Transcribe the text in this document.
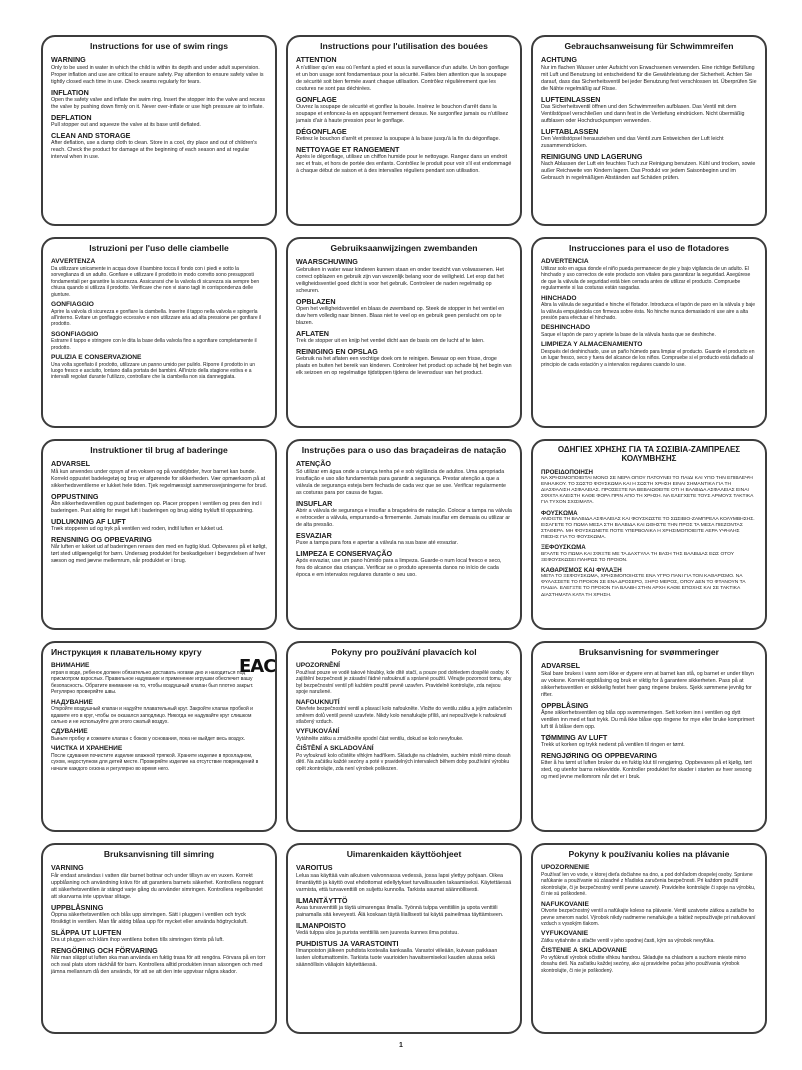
Instructions for use of swim rings
WARNING
Only to be used in water in which the child is within its depth and under adult supervision. Proper inflation and use are critical to ensure safety. Pay attention to ensure safety valve is tightly closed each time in use. Check seams regularly for tears.
INFLATION
Open the safety valve and inflate the swim ring. Insert the stopper into the valve and recess the valve by pushing down firmly on it. Never over-inflate or use high pressure air to inflate.
DEFLATION
Pull stopper out and squeeze the valve at its base until deflated.
CLEAN AND STORAGE
After deflation, use a damp cloth to clean. Store in a cool, dry place and out of children's reach. Check the product for damage at the beginning of each season and at regular interval when in use.
Instructions pour l'utilisation des bouées
ATTENTION
A n'utiliser qu'en eau où l'enfant a pied et sous la surveillance d'un adulte. Un bon gonflage et un bon usage sont fondamentaux pour la sécurité. Faites bien attention que la soupape de sécurité soit bien fermée avant chaque utilisation. Contrôlez régulièrement que les coutures ne sont pas déchirées.
GONFLAGE
Ouvrez la soupape de sécurité et gonflez la bouée. Insérez le bouchon d'arrêt dans la soupape et enfoncez-la en appuyant fermement dessus. Ne surgonflez jamais ou n'utilisez jamais d'air à haute pression pour le gonflage.
DÉGONFLAGE
Retirez le bouchon d'arrêt et pressez la soupape à la base jusqu'à la fin du dégonflage.
NETTOYAGE ET RANGEMENT
Après le dégonflage, utilisez un chiffon humide pour le nettoyage. Rangez dans un endroit sec et frais, et hors de portée des enfants. Contrôlez le produit pour voir s'il est endommagé à chaque début de saison et à des intervalles réguliers pendant son utilisation.
Gebrauchsanweisung für Schwimmreifen
ACHTUNG
Nur im flachen Wasser unter Aufsicht von Erwachsenen verwenden. Eine richtige Befüllung mit Luft und Benutzung ist entscheidend für die Gewährleistung der Sicherheit. Achten Sie darauf, dass das Sicherheitsventil bei jeder Benutzung fest verschlossen ist. Überprüfen Sie die Nähte regelmäßig auf Risse.
LUFTEINLASSEN
Das Sicherheitsventil öffnen und den Schwimmreifen aufblasen. Das Ventil mit dem Ventilstöpsel verschließen und dann fest in die Vertiefung eindrücken. Nicht übermäßig aufblasen oder Hochdruckpumpen verwenden.
LUFTABLASSEN
Den Ventilstöpsel herausziehen und das Ventil zum Entweichen der Luft leicht zusammendrücken.
REINIGUNG UND LAGERUNG
Nach Ablassen der Luft ein feuchtes Tuch zur Reinigung benutzen. Kühl und trocken, sowie außer Reichweite von Kindern lagern. Das Produkt vor jedem Saisonbeginn und im Gebrauch in regelmäßigen Abständen auf Schäden prüfen.
Istruzioni per l'uso delle ciambelle
AVVERTENZA
Da utilizzare unicamente in acqua dove il bambino tocca il fondo con i piedi e sotto la sorveglianza di un adulto. Gonfiare e utilizzare il prodotto in modo corretto sono presupposti fondamentali per garantire la sicurezza. Assicurarsi che la valvola di sicurezza sia sempre ben chiusa quando si utilizza il prodotto. Verificare che non vi siano tagli in corrispondenza delle giunture.
GONFIAGGIO
Aprire la valvola di sicurezza e gonfiare la ciambella. Inserire il tappo nella valvola e spingerla all'interno. Evitare un gonfiaggio eccessivo e non utilizzare aria ad alta pressione per gonfiare il prodotto.
SGONFIAGGIO
Estrarre il tappo e stringere con le dita la base della valvola fino a sgonfiare completamente il prodotto.
PULIZIA E CONSERVAZIONE
Una volta sgonfiato il prodotto, utilizzare un panno umido per pulirlo. Riporre il prodotto in un luogo fresco e asciutto, lontano dalla portata dei bambini. All'inizio della stagione estiva e a intervalli regolari durante l'utilizzo, controllare che la ciambella non sia danneggiata.
Gebruiksaanwijzingen zwembanden
WAARSCHUWING
Gebruiken in water waar kinderen kunnen staan en onder toezicht van volwassenen. Het correct opblazen en gebruik zijn van wezenlijk belang voor de veiligheid. Let erop dat het veiligheidsventiel goed dicht is voor het gebruik. Controleer de naden regelmatig op scheuren.
OPBLAZEN
Open het veiligheidsventiel en blaas de zwemband op. Steek de stopper in het ventiel en duw hem volledig naar binnen. Blaas niet te veel op en gebruik geen perslucht om op te blazen.
AFLATEN
Trek de stopper uit en knijp het ventiel dicht aan de basis om de lucht af te laten.
REINIGING EN OPSLAG
Gebruik na het aflaten een vochtige doek om te reinigen. Bewaar op een frisse, droge plaats en buiten het bereik van kinderen. Controleer het product op schade bij het begin van elk seizoen en op regelmatige tijdstippen tijdens de levensduur van het product.
Instrucciones para el uso de flotadores
ADVERTENCIA
Utilizar solo en agua donde el niño pueda permanecer de pie y bajo vigilancia de un adulto. El hinchado y uso correctos de este producto son vitales para garantizar la seguridad. Asegúrese de que la válvula de seguridad está bien cerrada antes de utilizar el producto. Compruebe regularmente si las costuras están rasgadas.
HINCHADO
Abra la válvula de seguridad e hinche el flotador. Introduzca el tapón de paro en la válvula y baje la válvula empujándola con firmeza sobre ésta. No hinche nunca demasiado ni use aire a alta presión para efectuar el hinchado.
DESHINCHADO
Saque el tapón de paro y apriete la base de la válvula hasta que se deshinche.
LIMPIEZA Y ALMACENAMIENTO
Después del deshinchado, use un paño húmedo para limpiar el producto. Guarde el producto en un lugar fresco, seco y fuera del alcance de los niños. Compruebe si el producto está dañado al principio de cada estación y a intervalos regulares cuando lo use.
Instruktioner til brug af baderinge
ADVARSEL
Må kun anvendes under opsyn af en voksen og på vanddybder, hvor barnet kan bunde. Korrekt oppustet badelegetøj og brug er afgørende for sikkerheden. Vær opmærksom på at sikkerhedsventilerne er lukket hele tiden. Tjek regelmæssigt sammensvejsningerne for brud.
OPPUSTNING
Åbn sikkerhedsventilen og pust baderingen op. Placer proppen i ventilen og pres den ind i baderingen. Pust aldrig for meget luft i baderingen og brug aldrig trykluft til oppustning.
UDLUKNING AF LUFT
Træk stopperen ud og tryk på ventilen ved roden, indtil luften er lukket ud.
RENSNING OG OPBEVARING
Når luften er lukket ud af baderingen renses den med en fugtig klud. Opbevares på et køligt, tørt sted utilgængeligt for børn. Undersøg produktet for beskadigelser i begyndelsen af hver sæson og med jævne mellemrum, når produktet er i brug.
Instruções para o uso das braçadeiras de natação
ATENÇÃO
Só utilizar em água onde a criança tenha pé e sob vigilância de adultos. Uma apropriada insuflação e uso são fundamentais para garantir a segurança. Prestar atenção a que a válvula de segurança esteja bem fechada de cada vez que se use. Verificar regularmente as costuras para por causa de fugas.
INSUFLAR
Abrir a válvula de segurança e insuflar a braçadeira de natação. Colocar a tampa na válvula e retroceder a válvula, empurrando-a firmemente. Jamais insuflar em demasia ou utilizar ar de alta pressão.
ESVAZIAR
Puxe a tampa para fora e apertar a válvula na sua base até esvaziar.
LIMPEZA E CONSERVAÇÃO
Após esvaziar, use um pano húmido para a limpeza. Guarde-o num local fresco e seco, fora do alcance das crianças. Verificar se o produto apresenta danos no início de cada época e em intervalos regulares durante o seu uso.
ΟΔΗΓΙΕΣ ΧΡΗΣΗΣ ΓΙΑ ΤΑ ΣΩΣΙΒΙΑ-ΖΑΜΠΡΕΛΕΣ ΚΟΛΥΜΒΗΣΗΣ
ΠΡΟΕΙΔΟΠΟΙΗΣΗ
ΝΑ ΧΡΗΣΙΜΟΠΟΙΕΙΤΑΙ ΜΟΝΟ ΣΕ ΝΕΡΑ ΟΠΟΥ ΠΑΤΟΥΝΕΙ ΤΟ ΠΑΙΔΙ ΚΑΙ ΥΠΟ ΤΗΝ ΕΠΙΒΛΕΨΗ ΕΝΗΛΙΚΟΥ. ΤΟ ΣΩΣΤΟ ΦΟΥΣΚΩΜΑ ΚΑΙ Η ΣΩΣΤΗ ΧΡΗΣΗ ΕΙΝΑΙ ΣΗΜΑΝΤΙΚΑ ΓΙΑ ΤΗ ΔΙΑΣΦΑΛΙΣΗ ΑΣΦΑΛΕΙΑΣ. ΠΡΟΣΕΞΤΕ ΝΑ ΒΕΒΑΙΩΘΕΙΤΕ ΟΤΙ Η ΒΑΛΒΙΔΑ ΑΣΦΑΛΕΙΑΣ ΕΙΝΑΙ ΣΦΙΧΤΑ ΚΛΕΙΣΤΗ ΚΑΘΕ ΦΟΡΑ ΠΡΙΝ ΑΠΟ ΤΗ ΧΡΗΣΗ. ΝΑ ΕΛΕΓΧΕΤΕ ΤΟΥΣ ΑΡΜΟΥΣ ΤΑΚΤΙΚΑ ΓΙΑ ΤΥΧΟΝ ΣΧΙΣΙΜΑΤΑ.
ΦΟΥΣΚΩΜΑ
ΑΝΟΙΞΤΕ ΤΗ ΒΑΛΒΙΔΑ ΑΣΦΑΛΕΙΑΣ ΚΑΙ ΦΟΥΣΚΩΣΤΕ ΤΟ ΣΩΣΙΒΙΟ-ΖΑΜΠΡΕΛΑ ΚΟΛΥΜΒΗΣΗΣ. ΕΙΣΑΓΕΤΕ ΤΟ ΠΩΜΑ ΜΕΣΑ ΣΤΗ ΒΑΛΒΙΔΑ ΚΑΙ ΩΘΗΣΤΕ ΤΗΝ ΠΡΟΣ ΤΑ ΜΕΣΑ ΠΙΕΖΟΝΤΑΣ ΣΤΑΘΕΡΑ. ΜΗ ΦΟΥΣΚΩΝΕΤΕ ΠΟΤΕ ΥΠΕΡΒΟΛΙΚΑ Η ΧΡΗΣΙΜΟΠΟΙΕΙΤΕ ΑΕΡΑ ΥΨΗΛΗΣ ΠΙΕΣΗΣ ΓΙΑ ΤΟ ΦΟΥΣΚΩΜΑ.
ΞΕΦΟΥΣΚΩΜΑ
ΒΓΑΛΤΕ ΤΟ ΠΩΜΑ ΚΑΙ ΣΦΙΞΤΕ ΜΕ ΤΑ ΔΑΧΤΥΛΑ ΤΗ ΒΑΣΗ ΤΗΣ ΒΑΛΒΙΔΑΣ ΕΩΣ ΟΤΟΥ ΞΕΦΟΥΣΚΩΣΕΙ ΠΛΗΡΩΣ ΤΟ ΠΡΟΙΟΝ.
ΚΑΘΑΡΙΣΜΟΣ ΚΑΙ ΦΥΛΑΞΗ
ΜΕΤΑ ΤΟ ΞΕΦΟΥΣΚΩΜΑ, ΧΡΗΣΙΜΟΠΟΙΗΣΤΕ ΕΝΑ ΥΓΡΟ ΠΑΝΙ ΓΙΑ ΤΟΝ ΚΑΘΑΡΙΣΜΟ. ΝΑ ΦΥΛΑΣΣΕΤΕ ΤΟ ΠΡΟΙΟΝ ΣΕ ΕΝΑ ΔΡΟΣΕΡΟ, ΞΗΡΟ ΜΕΡΟΣ, ΟΠΟΥ ΔΕΝ ΤΟ ΦΤΑΝΟΥΝ ΤΑ ΠΑΙΔΙΑ. ΕΛΕΓΞΤΕ ΤΟ ΠΡΟΙΟΝ ΓΙΑ ΒΛΑΒΗ ΣΤΗΝ ΑΡΧΗ ΚΑΘΕ ΕΠΟΧΗΣ ΚΑΙ ΣΕ ΤΑΚΤΙΚΑ ΔΙΑΣΤΗΜΑΤΑ ΚΑΤΑ ΤΗ ΧΡΗΣΗ.
Инструкция к плавательному кругу
EAC
ВНИМАНИЕ
играя в воде, ребенок должен обязательно доставать ногами дно и находиться под присмотром взрослых. Правильное надувание и применение игрушки обеспечит вашу безопасность. Обратите внимание на то, чтобы воздушный клапан был плотно закрыт. Регулярно проверяйте швы.
НАДУВАНИЕ
Откройте воздушный клапан и надуйте плавательный круг. Закройте клапан пробкой и вдавите его в круг, чтобы он оказался заподлицо. Никогда не надувайте круг слишком сильно и не используйте для этого сжатый воздух.
СДУВАНИЕ
Выньте пробку и сожмите клапан с боков у основания, пока не выйдет весь воздух.
ЧИСТКА И ХРАНЕНИЕ
После сдувания почистите изделие влажной тряпкой. Храните изделие в прохладном, сухом, недоступном для детей месте. Проверяйте изделие на отсутствие повреждений в начале каждого сезона и регулярно во время него.
Pokyny pro používání plavacích kol
UPOZORNĚNÍ
Používat pouze ve vodě takové hloubky, kde dítě stačí, a pouze pod dohledem dospělé osoby. K zajištění bezpečnosti je zásadní řádné nafouknutí a správné použití. Věnujte pozornost tomu, aby byl bezpečnostní ventil při každém použití pevně uzavřen. Pravidelně kontrolujte, zda nejsou spoje narušené.
NAFOUKNUTÍ
Otevřete bezpečnostní ventil a plavací kolo nafoukněte. Vložte do ventilu zátku a jejím zatlačením směrem dolů ventil pevně uzavřete. Nikdy kolo nenafukujte příliš, ani nepoužívejte k nafouknutí stlačený vzduch.
VYFUKOVÁNÍ
Vytáhněte zátku a zmáčkněte spodní část ventilu, dokud se kolo nevyfouke.
ČIŠTĚNÍ A SKLADOVÁNÍ
Po vyfouknutí kolo očistěte vlhkým hadříkem. Skladujte na chladném, suchém místě mimo dosah dětí. Na začátku každé sezóny a poté v pravidelných intervalech během doby používání výrobku opět zkontrolujte, zda není výrobek poškozen.
Bruksanvisning for svømmeringer
ADVARSEL
Skal bare brukes i vann som ikke er dypere enn at barnet kan stå, og barnet er under tilsyn av voksne. Korrekt oppblåsing og bruk er viktig for å garantere sikkerheten. Pass på at sikkerhetsventilen er skikkelig festet hver gang ringene brukes. Sjekk sømmene jevnlig for rifter.
OPPBLÅSING
Åpne sikkerhetsventilen og blås opp svømmeringen. Sett korken inn i ventilen og dytt ventilen inn med et fast trykk. Du må ikke blåse opp ringene for mye eller bruke komprimert luft til å blåse dem opp.
TØMMING AV LUFT
Trekk ut korken og trykk nederst på ventilen til ringen er tømt.
RENGJØRING OG OPPBEVARING
Etter å ha tømt ut luften bruker du en fuktig klut til rengjøring. Oppbevares på et kjølig, tørt sted, og utenfor barns rekkevidde. Kontroller produktet for skader i starten av hver sesong og med jevne mellomrom når det er i bruk.
Bruksanvisning till simring
VARNING
Får endast användas i vatten där barnet bottnar och under tillsyn av en vuxen. Korrekt uppblåsning och användning krävs för att garantera barnets säkerhet. Kontrollera noggrant att säkerhetsventilen är stängd varje gång du använder simringen. Kontrollera regelbundet att skarvarna inte uppvisar slitage.
UPPBLÅSNING
Öppna säkerhetsventilen och blås upp simringen. Sätt i pluggen i ventilen och tryck försiktigt in ventilen. Man får aldrig blåsa upp för mycket eller använda högtrycksluft.
SLÄPPA UT LUFTEN
Dra ut pluggen och kläm ihop ventilens botten tills simringen tömts på luft.
RENGÖRING OCH FÖRVARING
När man släppt ut luften ska man använda en fuktig trasa för att rengöra. Förvara på en torr och sval plats utom räckhåll för barn. Kontrollera alltid produkten innan säsongen och med jämna mellanrum då den används, för att se att den inte uppvisar några skador.
Uimarenkaiden käyttöohjeet
VAROITUS
Lelua saa käyttää vain aikuisen valvonnassa vedessä, jossa lapsi ylettyy pohjaan. Oikea ilmantäyttö ja käyttö ovat ehdottomat edellytykset turvallisuuden takaamiseksi. Käytettäessä varmista, että turvaventtiili on suljettu kunnolla. Tarkista saumat säännöllisesti.
ILMANTÄYTTÖ
Avaa turvaventtiili ja täytä uimarengas ilmalla. Työnnä tulppa venttiiliin ja upota venttiili painamalla sitä keveyesti. Älä koskaan täytä liiallisesti tai käytä paineilmaa täyttämiseen.
ILMANPOISTO
Vedä tulppa ulos ja purista venttiiliä sen juuresta kunnes ilma poistuu.
PUHDISTUS JA VARASTOINTI
Ilmanpoiston jälkeen puhdista kostealla kankaalla. Varastoi viileään, kuivaan paikkaan lasten ulottumattomiin. Tarkista tuote vaurioiden havaitsemiseksi kauden alussa sekä säännöllisin väliajoin käytettäessä.
Pokyny k používaniu kolies na plávanie
UPOZORNENIE
Používať len vo vode, v ktorej dieťa dočiahne na dno, a pod dohľadom dospelej osoby. Správne nafúkanie a používanie sú zásadné z hľadiska zaručenia bezpečnosti. Pri každom použití skontrolujte, či je bezpečnostný ventil pevne uzavretý. Pravidelne kontrolujte či spoje na výrobku, či nie sú poškodené.
NAFUKOVANIE
Otvorte bezpečnostný ventil a nafúkajte koleso na plávanie. Ventil uzatvorte zátkou a zatlačte ho pevne smerom nadol. Výrobok nikdy nadmerne nenafukujte a taktiež nepoužívajte pri nafukovaní vzduch s vysokým tlakom.
VYFUKOVANIE
Zátku vytiahnite a stlačte ventil v jeho spodnej časti, kým sa výrobok nevyfúka.
ČISTENIE A SKLADOVANIE
Po vyfúknutí výrobok očistite vlhkou handrou. Skladujte na chladnom a suchom mieste mimo dosahu detí. Na začiatku každej sezóny, ako aj pravidelne počas jeho používania výrobok skontrolujte, či nie je poškodený.
1
